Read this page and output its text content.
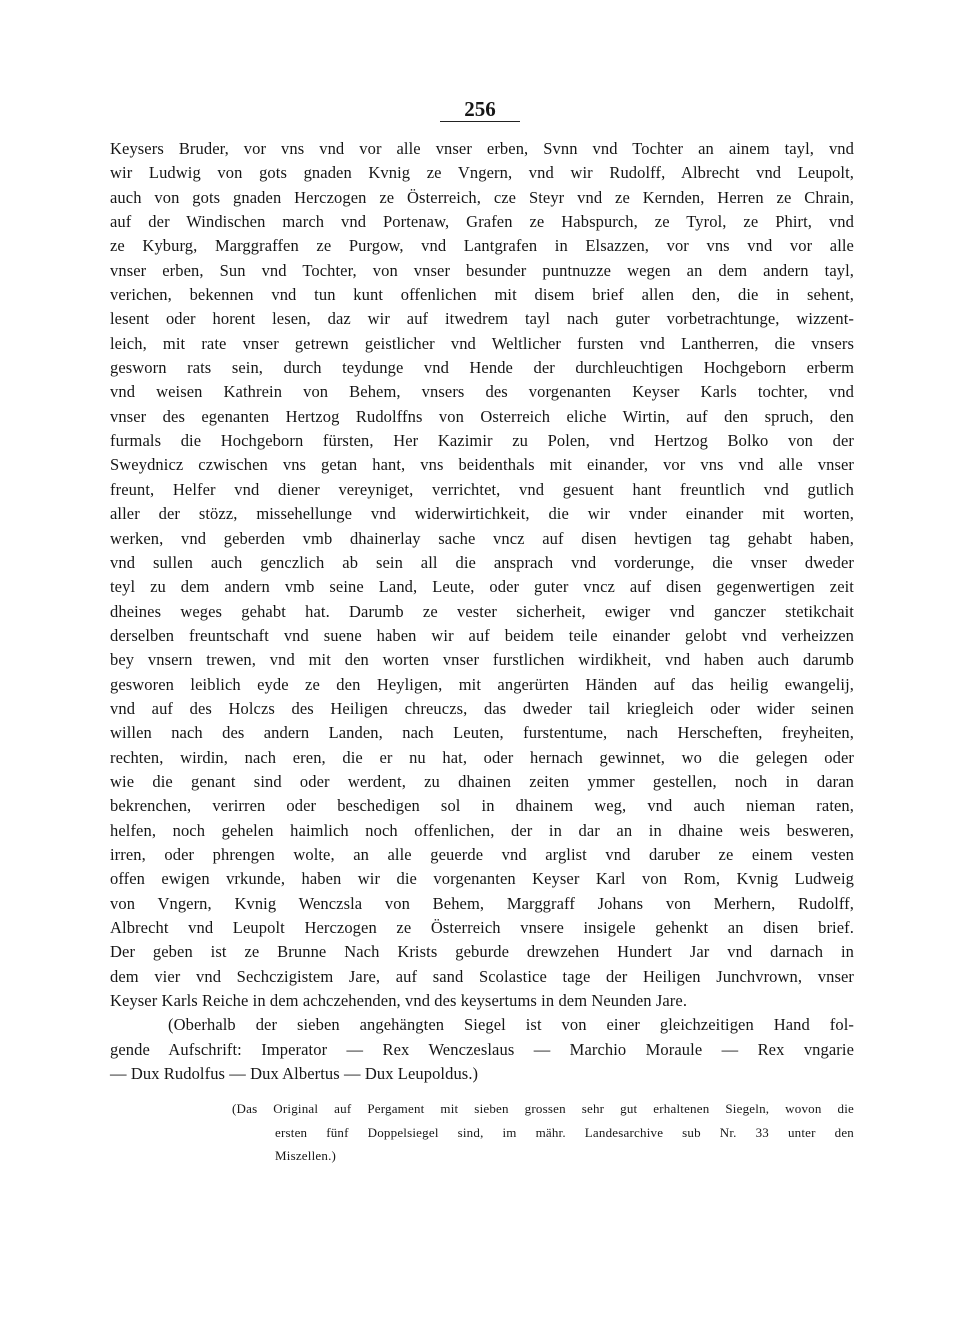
256
Keysers Bruder, vor vns vnd vor alle vnser erben, Svnn vnd Tochter an ainem tayl, vnd
wir Ludwig von gots gnaden Kvnig ze Vngern, vnd wir Rudolff, Albrecht vnd Leupolt,
auch von gots gnaden Herczogen ze Österreich, cze Steyr vnd ze Kernden, Herren ze Chrain,
auf der Windischen march vnd Portenaw, Grafen ze Habspurch, ze Tyrol, ze Phirt, vnd
ze Kyburg, Marggraffen ze Purgow, vnd Lantgrafen in Elsazzen, vor vns vnd vor alle
vnser erben, Sun vnd Tochter, von vnser besunder puntnuzze wegen an dem andern tayl,
verichen, bekennen vnd tun kunt offenlichen mit disem brief allen den, die in sehent,
lesent oder horent lesen, daz wir auf itwedrem tayl nach guter vorbetrachtunge, wizzent-
leich, mit rate vnser getrewn geistlicher vnd Weltlicher fursten vnd Lantherren, die vnsers
gesworn rats sein, durch teydunge vnd Hende der durchleuchtigen Hochgeborn erberm
vnd weisen Kathrein von Behem, vnsers des vorgenanten Keyser Karls tochter, vnd
vnser des egenanten Hertzog Rudolffns von Osterreich eliche Wirtin, auf den spruch, den
furmals die Hochgeborn fürsten, Her Kazimir zu Polen, vnd Hertzog Bolko von der
Sweydnicz czwischen vns getan hant, vns beidenthals mit einander, vor vns vnd alle vnser
freunt, Helfer vnd diener vereyniget, verrichtet, vnd gesuent hant freuntlich vnd gutlich
aller der stözz, missehellunge vnd widerwirtichkeit, die wir vnder einander mit worten,
werken, vnd geberden vmb dhainerlay sache vncz auf disen hevtigen tag gehabt haben,
vnd sullen auch genczlich ab sein all die ansprach vnd vorderunge, die vnser dweder
teyl zu dem andern vmb seine Land, Leute, oder guter vncz auf disen gegenwertigen zeit
dheines weges gehabt hat. Darumb ze vester sicherheit, ewiger vnd ganczer stetikchait
derselben freuntschaft vnd suene haben wir auf beidem teile einander gelobt vnd verheizzen
bey vnsern trewen, vnd mit den worten vnser furstlichen wirdikheit, vnd haben auch darumb
gesworen leiblich eyde ze den Heyligen, mit angerürten Händen auf das heilig ewangelij,
vnd auf des Holczs des Heiligen chreuczs, das dweder tail kriegleich oder wider seinen
willen nach des andern Landen, nach Leuten, furstentume, nach Herscheften, freyheiten,
rechten, wirdin, nach eren, die er nu hat, oder hernach gewinnet, wo die gelegen oder
wie die genant sind oder werdent, zu dhainen zeiten ymmer gestellen, noch in daran
bekrenchen, verirren oder beschedigen sol in dhainem weg, vnd auch nieman raten,
helfen, noch gehelen haimlich noch offenlichen, der in dar an in dhaine weis besweren,
irren, oder phrengen wolte, an alle geuerde vnd arglist vnd daruber ze einem vesten
offen ewigen vrkunde, haben wir die vorgenanten Keyser Karl von Rom, Kvnig Ludweig
von Vngern, Kvnig Wenczsla von Behem, Marggraff Johans von Merhern, Rudolff,
Albrecht vnd Leupolt Herczogen ze Österreich vnsere insigele gehenkt an disen brief.
Der geben ist ze Brunne Nach Krists geburde drewzehen Hundert Jar vnd darnach in
dem vier vnd Sechczigistem Jare, auf sand Scolastice tage der Heiligen Junchvrown, vnser
Keyser Karls Reiche in dem achczehenden, vnd des keysertums in dem Neunden Jare.
(Oberhalb der sieben angehängten Siegel ist von einer gleichzeitigen Hand fol-
gende Aufschrift: Imperator — Rex Wenczeslaus — Marchio Moraule — Rex vngarie
— Dux Rudolfus — Dux Albertus — Dux Leupoldus.)
(Das Original auf Pergament mit sieben grossen sehr gut erhaltenen Siegeln, wovon die
ersten fünf Doppelsiegel sind, im mähr. Landesarchive sub Nr. 33 unter den
Miszellen.)
